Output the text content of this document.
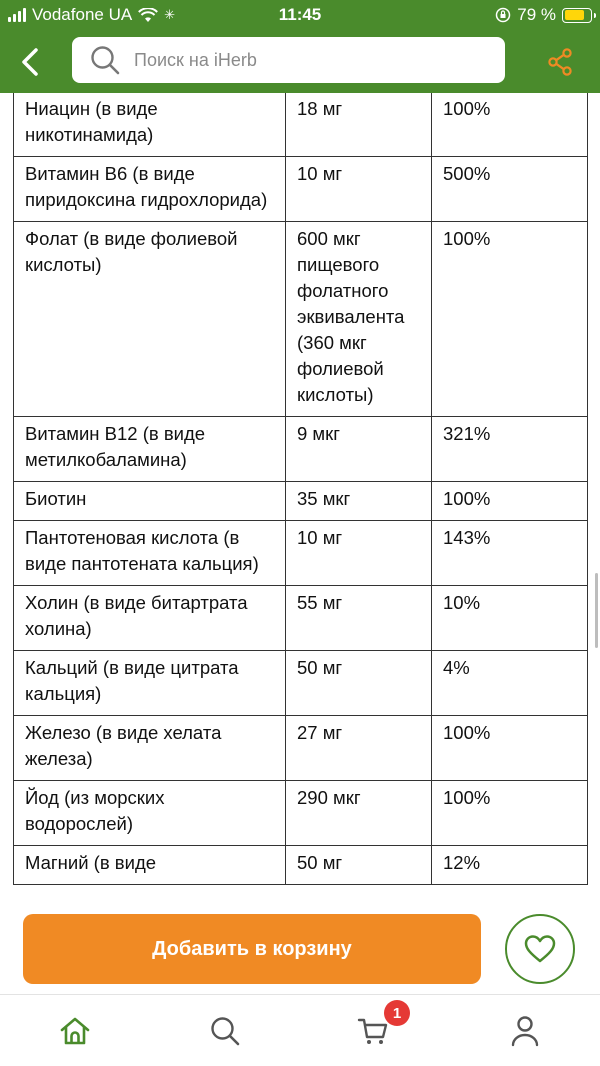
Vodafone UA ✳	11:45	79 %
Поиск на iHerb
Ниацин (в виде никотинамида)	18 мг	100%
Витамин B6 (в виде пиридоксина гидрохлорида)	10 мг	500%
Фолат (в виде фолиевой кислоты)	600 мкг пищевого фолатного эквивалента (360 мкг фолиевой кислоты)	100%
Витамин B12 (в виде метилкобаламина)	9 мкг	321%
Биотин	35 мкг	100%
Пантотеновая кислота (в виде пантотената кальция)	10 мг	143%
Холин (в виде битартрата холина)	55 мг	10%
Кальций (в виде цитрата кальция)	50 мг	4%
Железо (в виде хелата железа)	27 мг	100%
Йод (из морских водорослей)	290 мкг	100%
Магний (в виде	50 мг	12%
Добавить в корзину
1
